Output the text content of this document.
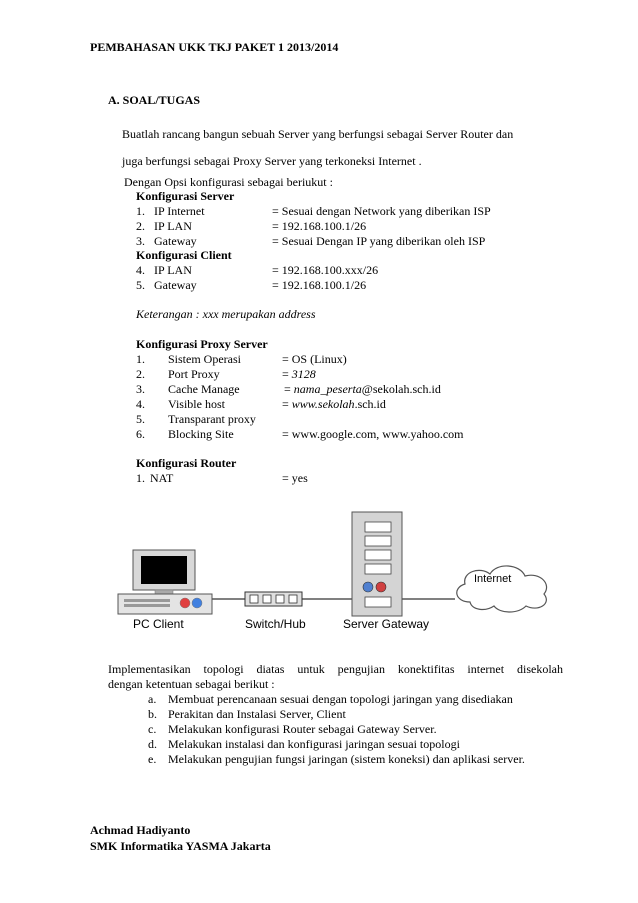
PEMBAHASAN UKK TKJ PAKET 1 2013/2014
A. SOAL/TUGAS
Buatlah rancang bangun sebuah Server yang berfungsi sebagai Server Router dan
juga berfungsi sebagai Proxy Server yang terkoneksi Internet .
Dengan Opsi konfigurasi sebagai beriukut :
Konfigurasi Server
1. IP Internet	= Sesuai dengan Network yang diberikan ISP
2. IP LAN	= 192.168.100.1/26
3. Gateway	= Sesuai Dengan IP yang diberikan oleh ISP
Konfigurasi Client
4. IP LAN	= 192.168.100.xxx/26
5. Gateway	= 192.168.100.1/26
Keterangan : xxx merupakan address
Konfigurasi Proxy Server
1. Sistem Operasi	= OS (Linux)
2. Port Proxy	= 3128
3. Cache Manage	= nama_peserta@sekolah.sch.id
4. Visible host	= www.sekolah.sch.id
5. Transparant proxy
6. Blocking Site	= www.google.com, www.yahoo.com
Konfigurasi Router
1. NAT	= yes
Internet
PC Client	Switch/Hub	Server Gateway
Implementasikan topologi diatas untuk pengujian konektifitas internet disekolah
dengan ketentuan sebagai berikut :
a. Membuat perencanaan sesuai dengan topologi jaringan yang disediakan
b. Perakitan dan Instalasi Server, Client
c. Melakukan konfigurasi Router sebagai Gateway Server.
d. Melakukan instalasi dan konfigurasi jaringan sesuai topologi
e. Melakukan pengujian fungsi jaringan (sistem koneksi) dan aplikasi server.
Achmad Hadiyanto
SMK Informatika YASMA Jakarta
